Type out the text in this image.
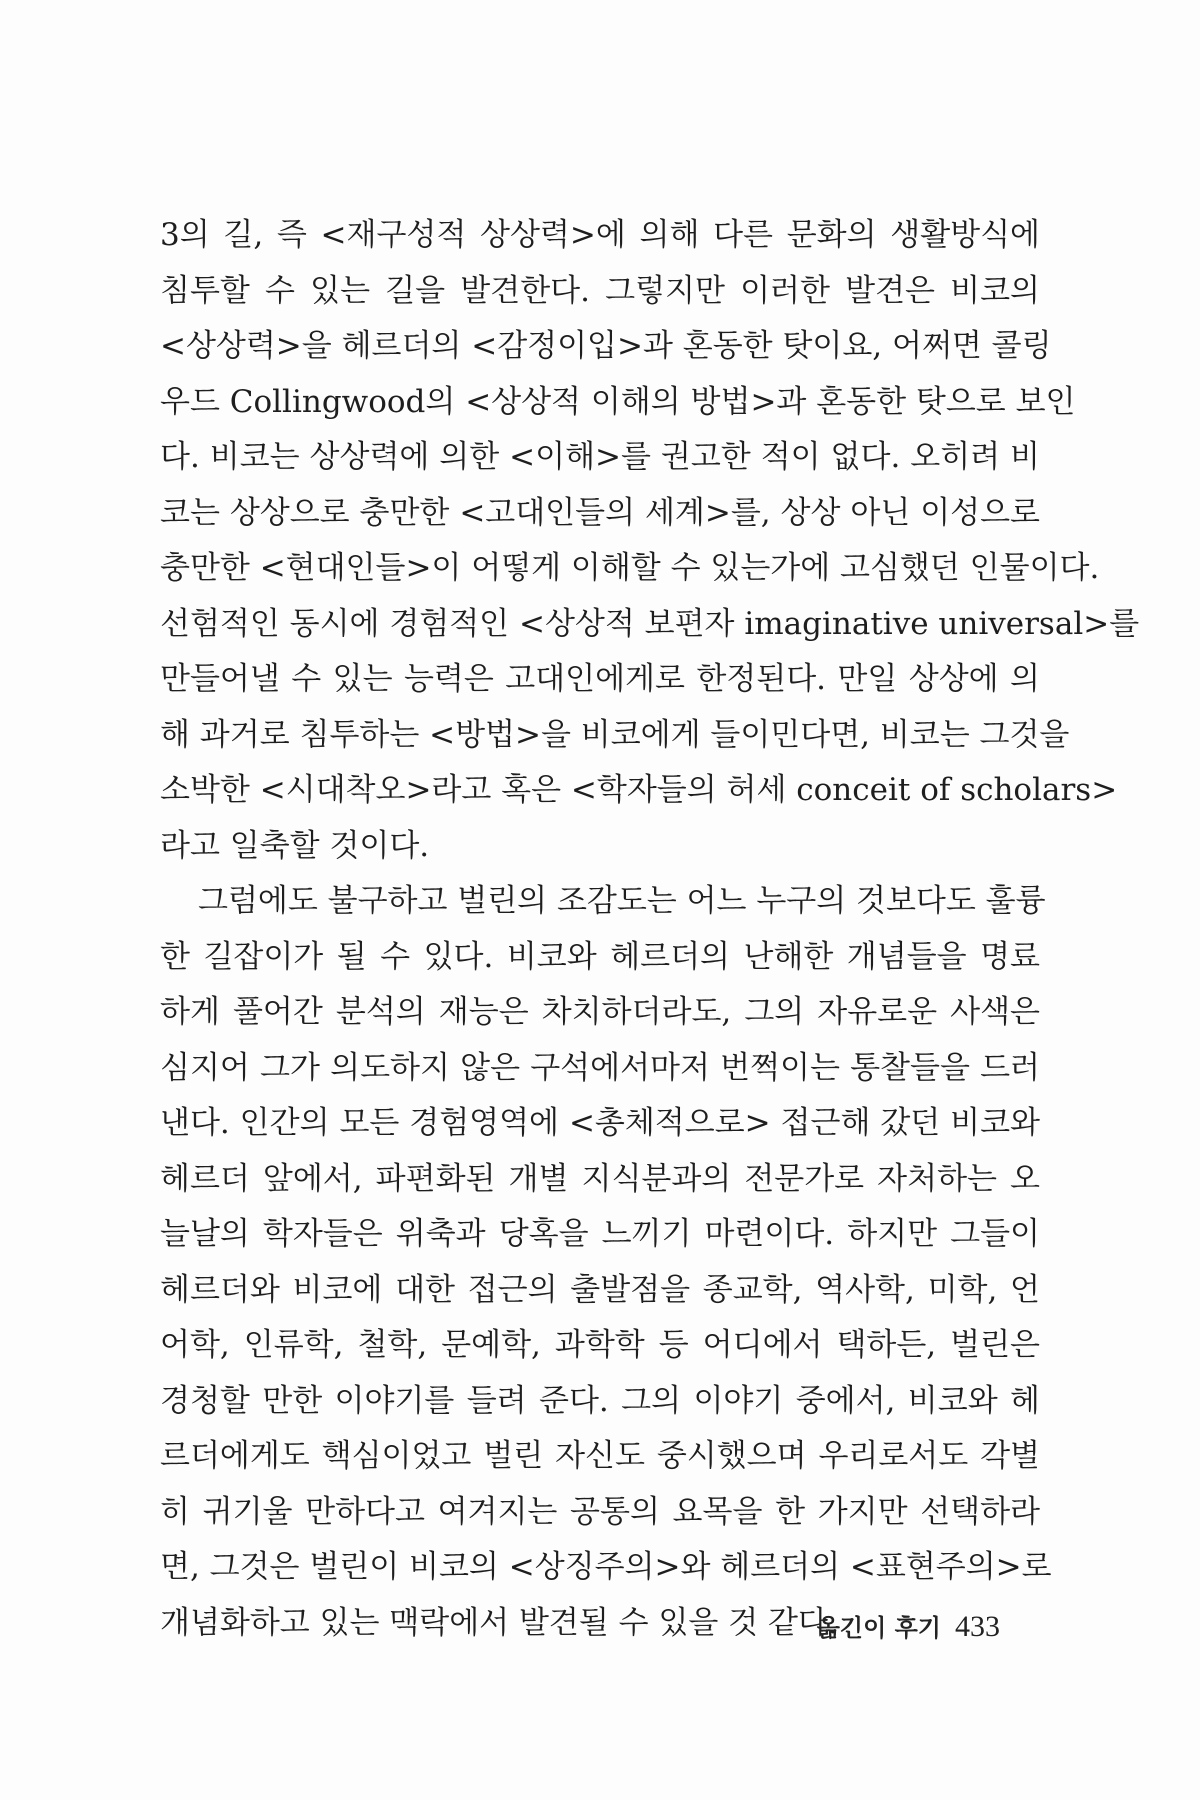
3의 길, 즉 <재구성적 상상력>에 의해 다른 문화의 생활방식에
침투할 수 있는 길을 발견한다. 그렇지만 이러한 발견은 비코의
<상상력>을 헤르더의 <감정이입>과 혼동한 탓이요, 어쩌면 콜링
우드 Collingwood의 <상상적 이해의 방법>과 혼동한 탓으로 보인
다. 비코는 상상력에 의한 <이해>를 권고한 적이 없다. 오히려 비
코는 상상으로 충만한 <고대인들의 세계>를, 상상 아닌 이성으로
충만한 <현대인들>이 어떻게 이해할 수 있는가에 고심했던 인물이다.
선험적인 동시에 경험적인 <상상적 보편자 imaginative universal>를
만들어낼 수 있는 능력은 고대인에게로 한정된다. 만일 상상에 의
해 과거로 침투하는 <방법>을 비코에게 들이민다면, 비코는 그것을
소박한 <시대착오>라고 혹은 <학자들의 허세 conceit of scholars>
라고 일축할 것이다.
그럼에도 불구하고 벌린의 조감도는 어느 누구의 것보다도 훌륭
한 길잡이가 될 수 있다. 비코와 헤르더의 난해한 개념들을 명료
하게 풀어간 분석의 재능은 차치하더라도, 그의 자유로운 사색은
심지어 그가 의도하지 않은 구석에서마저 번쩍이는 통찰들을 드러
낸다. 인간의 모든 경험영역에 <총체적으로> 접근해 갔던 비코와
헤르더 앞에서, 파편화된 개별 지식분과의 전문가로 자처하는 오
늘날의 학자들은 위축과 당혹을 느끼기 마련이다. 하지만 그들이
헤르더와 비코에 대한 접근의 출발점을 종교학, 역사학, 미학, 언
어학, 인류학, 철학, 문예학, 과학학 등 어디에서 택하든, 벌린은
경청할 만한 이야기를 들려 준다. 그의 이야기 중에서, 비코와 헤
르더에게도 핵심이었고 벌린 자신도 중시했으며 우리로서도 각별
히 귀기울 만하다고 여겨지는 공통의 요목을 한 가지만 선택하라
면, 그것은 벌린이 비코의 <상징주의>와 헤르더의 <표현주의>로
개념화하고 있는 맥락에서 발견될 수 있을 것 같다.
옮긴이 후기 433
